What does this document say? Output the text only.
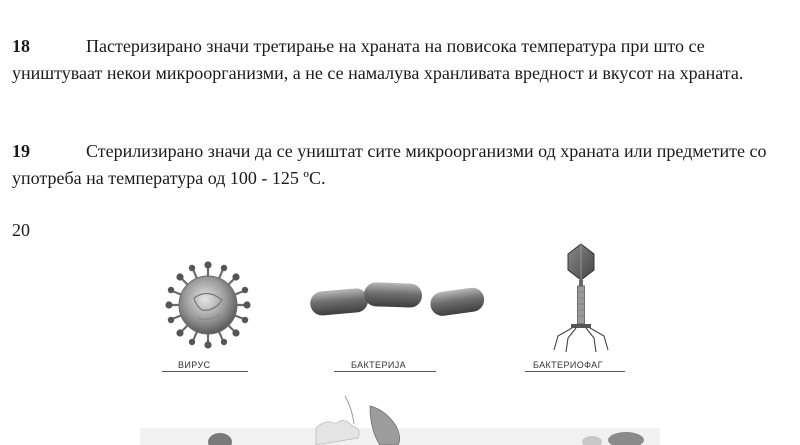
18	Пастеризирано значи третирање на храната на повисока температура при што се уништуваат некои микроорганизми, а не се намалува хранливата вредност и вкусот на храната.
19	Стерилизирано значи да се уништат сите микроорганизми од храната или предметите со употреба на температура од 100 - 125 ºC.
20
ВИРУС	БАКТЕРИЈА	БАКТЕРИОФАГ
